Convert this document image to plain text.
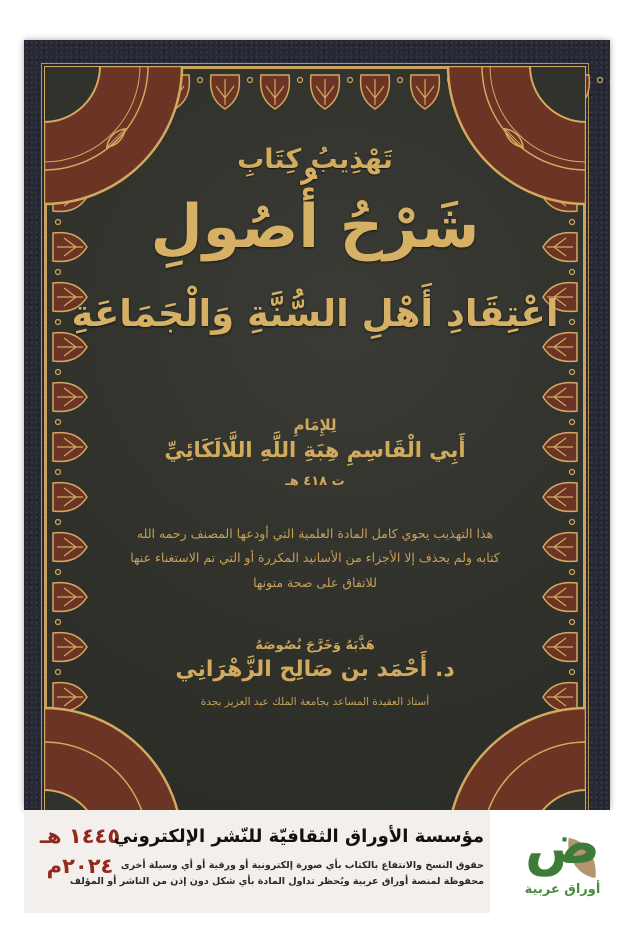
تَهْذِيبُ كِتَابِ
شَرْحُ أُصُولِ
اعْتِقَادِ أَهْلِ السُّنَّةِ وَالْجَمَاعَةِ
لِلإِمَامِ
أَبِي الْقَاسِمِ هِبَةِ اللَّهِ اللَّالَكَائِيِّ
ت ٤١٨ هـ
هذا التهذيب يحوي كامل المادة العلمية التي أودعها المصنف رحمه الله
كتابه ولم يحذف إلا الأجزاء من الأسانيد المكررة أو التي تم الاستغناء عنها
للاتفاق على صحة متونها
هَذَّبَهُ وَخَرَّجَ نُصُوصَهُ
د. أَحْمَد بن صَالِح الزَّهْرَانِي
أستاذ العقيدة المساعد بجامعة الملك عبد العزيز بجدة
١٤٤٥ هـ
٢٠٢٤م
مؤسسة الأوراق الثقافيّة للنّشر الإلكتروني
حقوق النسخ والانتفاع بالكتاب بأي صورة إلكترونية أو ورقية أو أي وسيلة أخرى
محفوظة لمنصة أوراق عربية ويُحظر تداول المادة بأي شكل دون إذن من الناشر أو المؤلف
ض
أوراق عربية
